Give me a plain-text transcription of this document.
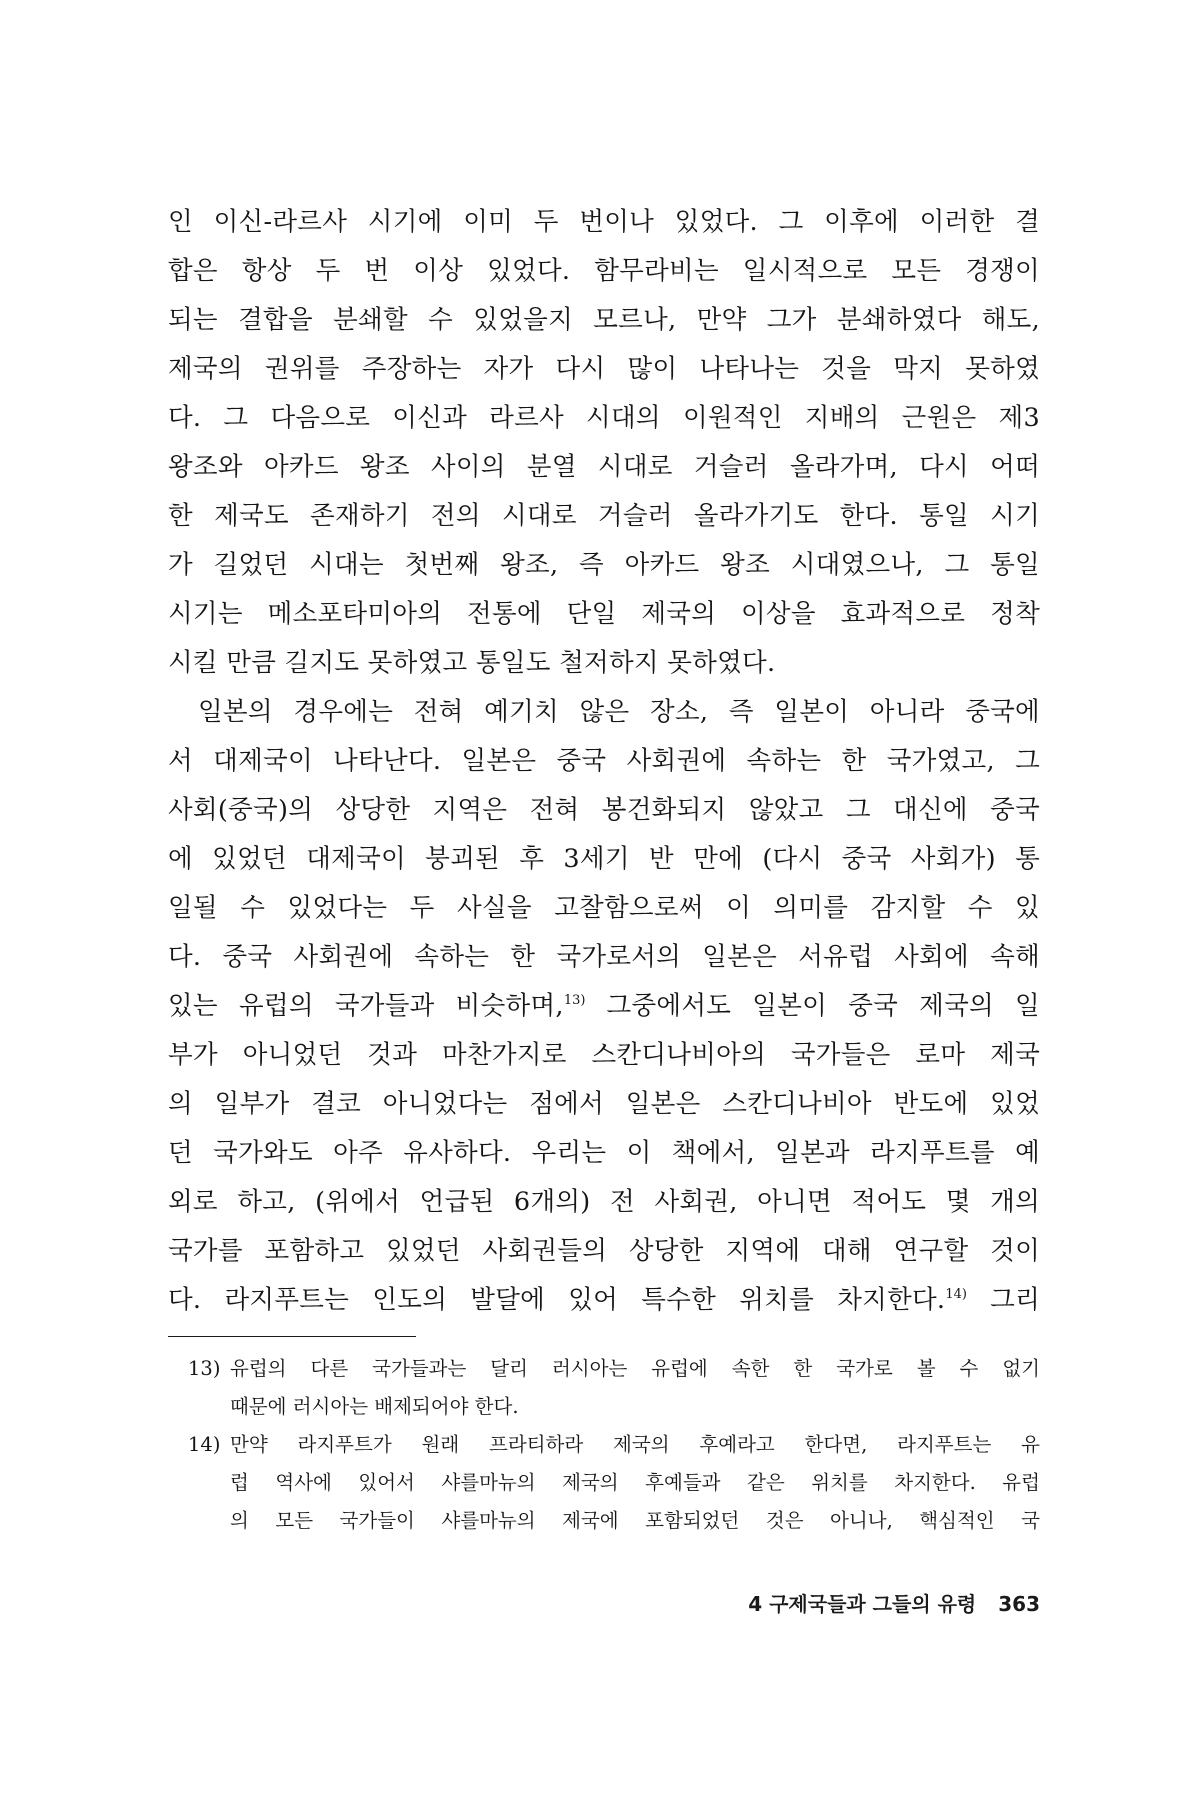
인 이신-라르사 시기에 이미 두 번이나 있었다. 그 이후에 이러한 결
합은 항상 두 번 이상 있었다. 함무라비는 일시적으로 모든 경쟁이
되는 결합을 분쇄할 수 있었을지 모르나, 만약 그가 분쇄하였다 해도,
제국의 권위를 주장하는 자가 다시 많이 나타나는 것을 막지 못하였
다. 그 다음으로 이신과 라르사 시대의 이원적인 지배의 근원은 제3
왕조와 아카드 왕조 사이의 분열 시대로 거슬러 올라가며, 다시 어떠
한 제국도 존재하기 전의 시대로 거슬러 올라가기도 한다. 통일 시기
가 길었던 시대는 첫번째 왕조, 즉 아카드 왕조 시대였으나, 그 통일
시기는 메소포타미아의 전통에 단일 제국의 이상을 효과적으로 정착
시킬 만큼 길지도 못하였고 통일도 철저하지 못하였다.
일본의 경우에는 전혀 예기치 않은 장소, 즉 일본이 아니라 중국에
서 대제국이 나타난다. 일본은 중국 사회권에 속하는 한 국가였고, 그
사회(중국)의 상당한 지역은 전혀 봉건화되지 않았고 그 대신에 중국
에 있었던 대제국이 붕괴된 후 3세기 반 만에 (다시 중국 사회가) 통
일될 수 있었다는 두 사실을 고찰함으로써 이 의미를 감지할 수 있
다. 중국 사회권에 속하는 한 국가로서의 일본은 서유럽 사회에 속해
있는 유럽의 국가들과 비슷하며,$^{13)}$ 그중에서도 일본이 중국 제국의 일
부가 아니었던 것과 마찬가지로 스칸디나비아의 국가들은 로마 제국
의 일부가 결코 아니었다는 점에서 일본은 스칸디나비아 반도에 있었
던 국가와도 아주 유사하다. 우리는 이 책에서, 일본과 라지푸트를 예
외로 하고, (위에서 언급된 6개의) 전 사회권, 아니면 적어도 몇 개의
국가를 포함하고 있었던 사회권들의 상당한 지역에 대해 연구할 것이
다. 라지푸트는 인도의 발달에 있어 특수한 위치를 차지한다.$^{14)}$ 그리
13) 유럽의 다른 국가들과는 달리 러시아는 유럽에 속한 한 국가로 볼 수 없기
때문에 러시아는 배제되어야 한다.
14) 만약 라지푸트가 원래 프라티하라 제국의 후예라고 한다면, 라지푸트는 유
럽 역사에 있어서 샤를마뉴의 제국의 후예들과 같은 위치를 차지한다. 유럽
의 모든 국가들이 샤를마뉴의 제국에 포함되었던 것은 아니나, 핵심적인 국
4 구제국들과 그들의 유령 363
